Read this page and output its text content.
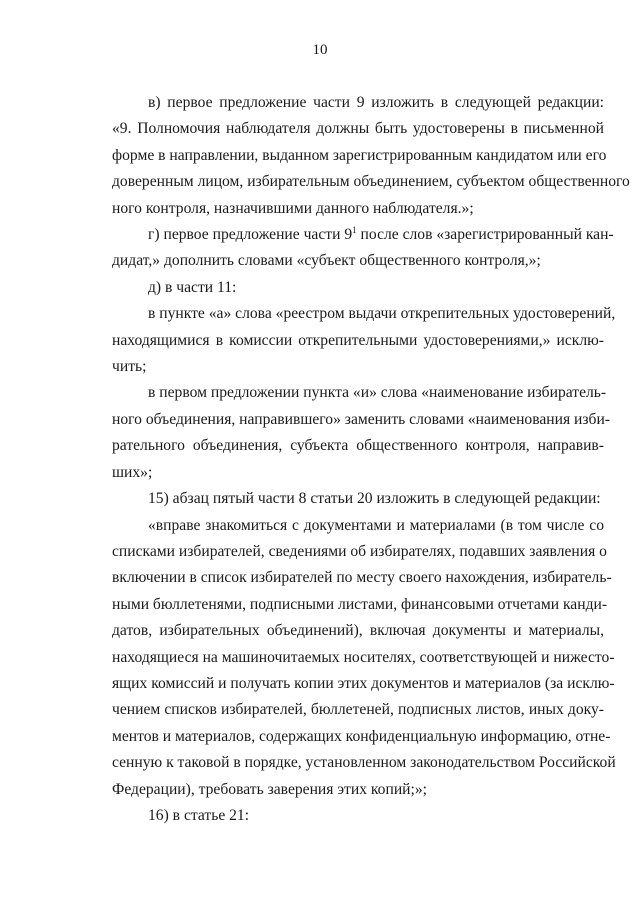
10
в) первое предложение части 9 изложить в следующей редакции:
«9. Полномочия наблюдателя должны быть удостоверены в письменной
форме в направлении, выданном зарегистрированным кандидатом или его
доверенным лицом, избирательным объединением, субъектом общественного
ного контроля, назначившими данного наблюдателя.»;
г) первое предложение части $9^1$ после слов «зарегистрированный кан-
дидат,» дополнить словами «субъект общественного контроля,»;
д) в части 11:
в пункте «а» слова «реестром выдачи открепительных удостоверений,
находящимися в комиссии открепительными удостоверениями,» исклю-
чить;
в первом предложении пункта «и» слова «наименование избиратель-
ного объединения, направившего» заменить словами «наименования изби-
рательного объединения, субъекта общественного контроля, направив-
ших»;
15) абзац пятый части 8 статьи 20 изложить в следующей редакции:
«вправе знакомиться с документами и материалами (в том числе со
списками избирателей, сведениями об избирателях, подавших заявления о
включении в список избирателей по месту своего нахождения, избиратель-
ными бюллетенями, подписными листами, финансовыми отчетами канди-
датов, избирательных объединений), включая документы и материалы,
находящиеся на машиночитаемых носителях, соответствующей и нижесто-
ящих комиссий и получать копии этих документов и материалов (за исклю-
чением списков избирателей, бюллетеней, подписных листов, иных доку-
ментов и материалов, содержащих конфиденциальную информацию, отне-
сенную к таковой в порядке, установленном законодательством Российской
Федерации), требовать заверения этих копий;»;
16) в статье 21:
